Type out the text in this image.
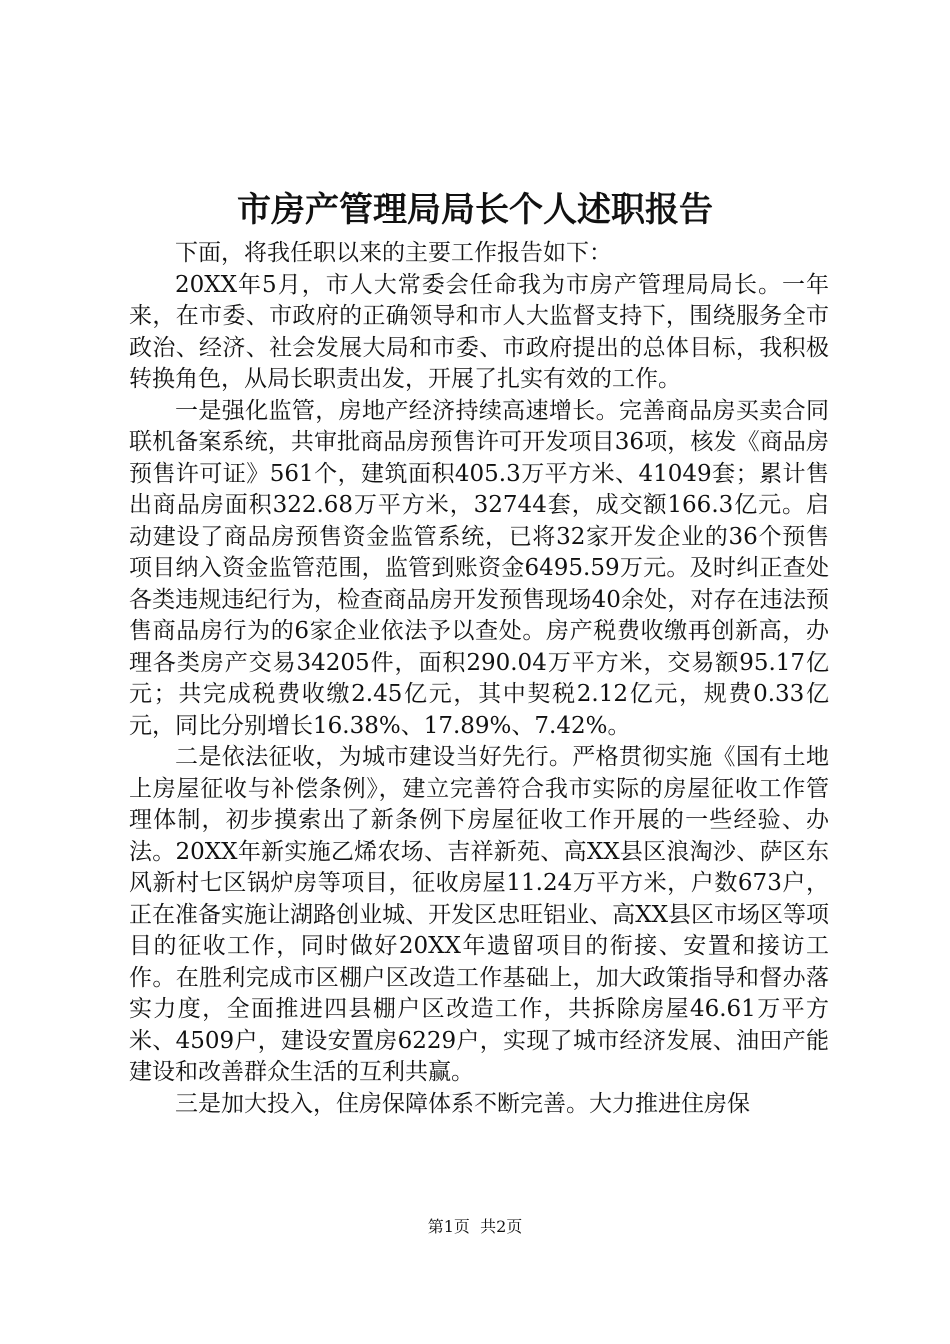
市房产管理局局长个人述职报告

下面，将我任职以来的主要工作报告如下：

20XX年5月，市人大常委会任命我为市房产管理局局长。一年来，在市委、市政府的正确领导和市人大监督支持下，围绕服务全市政治、经济、社会发展大局和市委、市政府提出的总体目标，我积极转换角色，从局长职责出发，开展了扎实有效的工作。

一是强化监管，房地产经济持续高速增长。完善商品房买卖合同联机备案系统，共审批商品房预售许可开发项目36项，核发《商品房预售许可证》561个，建筑面积405.3万平方米、41049套；累计售出商品房面积322.68万平方米，32744套，成交额166.3亿元。启动建设了商品房预售资金监管系统，已将32家开发企业的36个预售项目纳入资金监管范围，监管到账资金6495.59万元。及时纠正查处各类违规违纪行为，检查商品房开发预售现场40余处，对存在违法预售商品房行为的6家企业依法予以查处。房产税费收缴再创新高，办理各类房产交易34205件，面积290.04万平方米，交易额95.17亿元；共完成税费收缴2.45亿元，其中契税2.12亿元，规费0.33亿元，同比分别增长16.38%、17.89%、7.42%。

二是依法征收，为城市建设当好先行。严格贯彻实施《国有土地上房屋征收与补偿条例》，建立完善符合我市实际的房屋征收工作管理体制，初步摸索出了新条例下房屋征收工作开展的一些经验、办法。20XX年新实施乙烯农场、吉祥新苑、高XX县区浪淘沙、萨区东风新村七区锅炉房等项目，征收房屋11.24万平方米，户数673户，正在准备实施让湖路创业城、开发区忠旺铝业、高XX县区市场区等项目的征收工作，同时做好20XX年遗留项目的衔接、安置和接访工作。在胜利完成市区棚户区改造工作基础上，加大政策指导和督办落实力度，全面推进四县棚户区改造工作，共拆除房屋46.61万平方米、4509户，建设安置房6229户，实现了城市经济发展、油田产能建设和改善群众生活的互利共赢。

三是加大投入，住房保障体系不断完善。大力推进住房保

第1页 共2页
